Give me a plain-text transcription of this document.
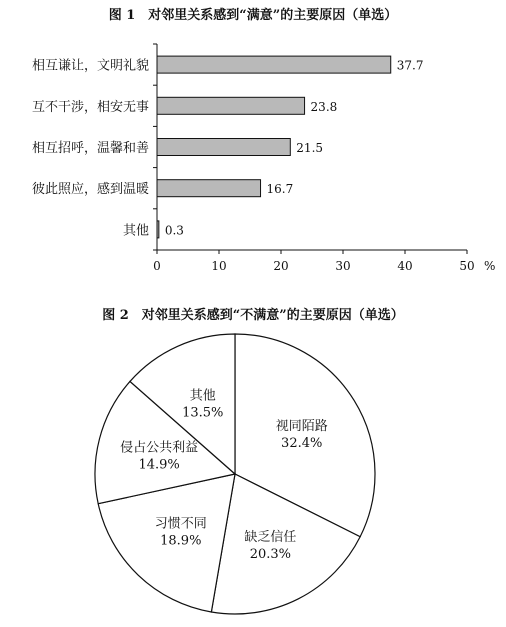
图 1　对邻里关系感到“满意”的主要原因（单选）
0	10	20	30	40	50 %
相互谦让，文明礼貌	37.7
互不干涉，相安无事	23.8
相互招呼，温馨和善	21.5
彼此照应，感到温暖	16.7
其他 0.3
图 2　对邻里关系感到“不满意”的主要原因（单选）
视同陌路
32.4%
缺乏信任
20.3%
习惯不同
18.9%
侵占公共利益
14.9%
其他
13.5%
